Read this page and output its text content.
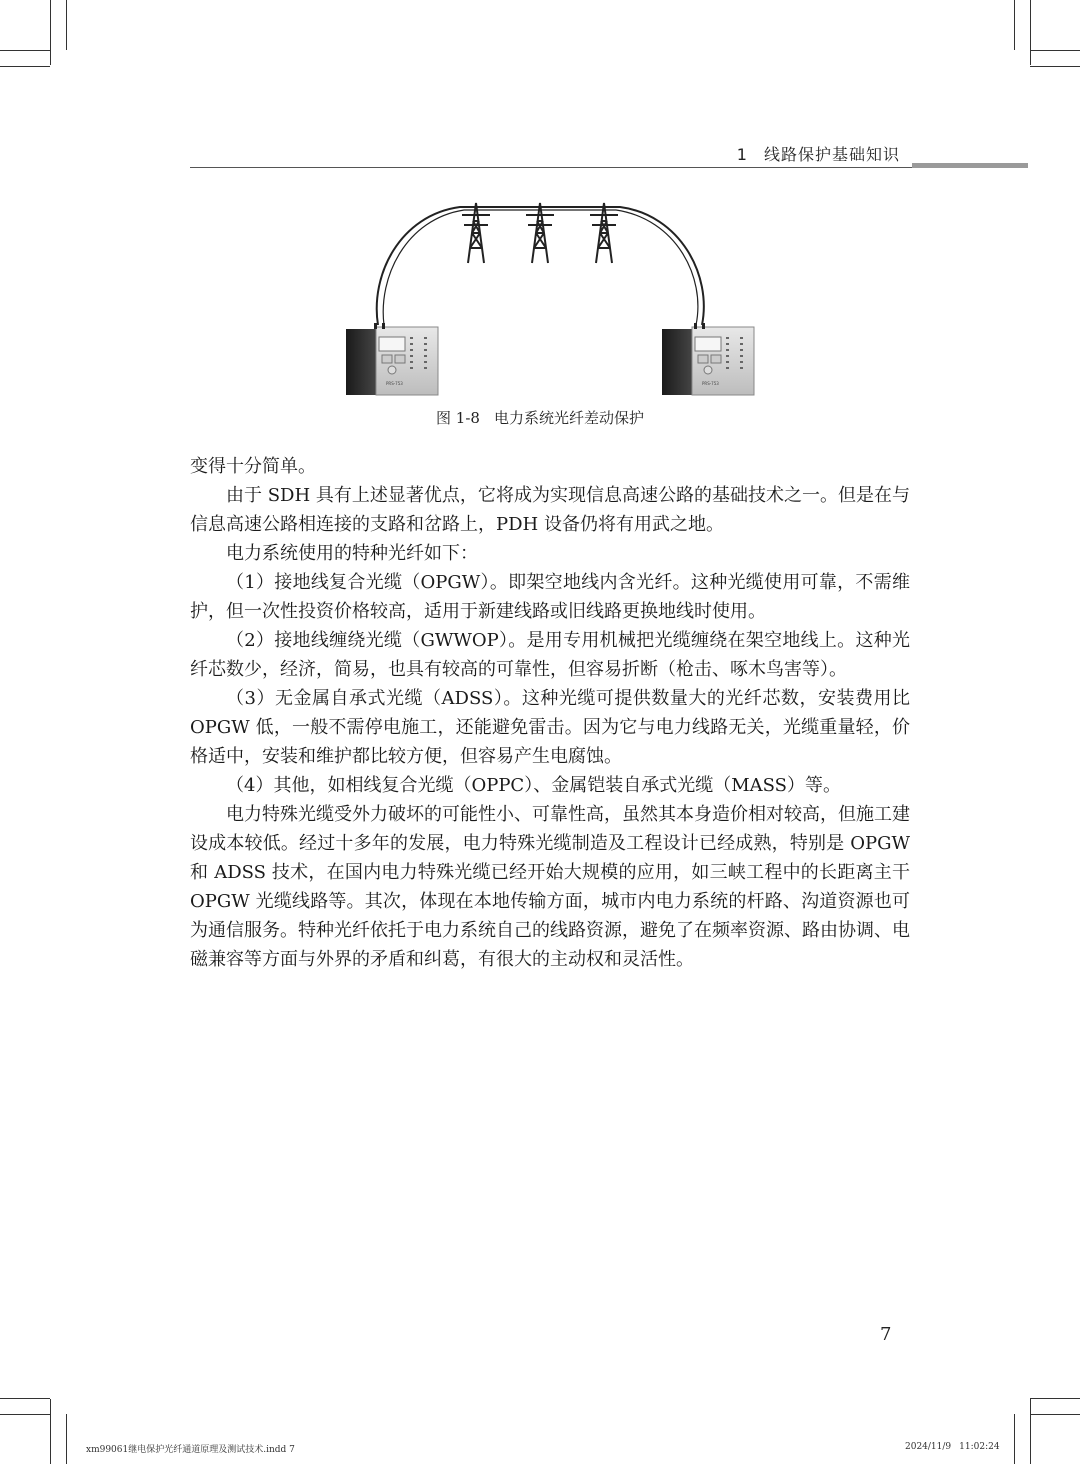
1 线路保护基础知识
PRS-753	PRS-753
图 1-8 电力系统光纤差动保护

变得十分简单。

由于 SDH 具有上述显著优点，它将成为实现信息高速公路的基础技术之一。但是在与信息高速公路相连接的支路和岔路上，PDH 设备仍将有用武之地。

电力系统使用的特种光纤如下：

（1）接地线复合光缆（OPGW）。即架空地线内含光纤。这种光缆使用可靠，不需维护，但一次性投资价格较高，适用于新建线路或旧线路更换地线时使用。

（2）接地线缠绕光缆（GWWOP）。是用专用机械把光缆缠绕在架空地线上。这种光纤芯数少，经济，简易，也具有较高的可靠性，但容易折断（枪击、啄木鸟害等）。

（3）无金属自承式光缆（ADSS）。这种光缆可提供数量大的光纤芯数，安装费用比 OPGW 低，一般不需停电施工，还能避免雷击。因为它与电力线路无关，光缆重量轻，价格适中，安装和维护都比较方便，但容易产生电腐蚀。

（4）其他，如相线复合光缆（OPPC）、金属铠装自承式光缆（MASS）等。

电力特殊光缆受外力破坏的可能性小、可靠性高，虽然其本身造价相对较高，但施工建设成本较低。经过十多年的发展，电力特殊光缆制造及工程设计已经成熟，特别是 OPGW 和 ADSS 技术，在国内电力特殊光缆已经开始大规模的应用，如三峡工程中的长距离主干 OPGW 光缆线路等。其次，体现在本地传输方面，城市内电力系统的杆路、沟道资源也可为通信服务。特种光纤依托于电力系统自己的线路资源，避免了在频率资源、路由协调、电磁兼容等方面与外界的矛盾和纠葛，有很大的主动权和灵活性。

7
xm99061继电保护光纤通道原理及测试技术.indd 7	2024/11/9 11:02:24
